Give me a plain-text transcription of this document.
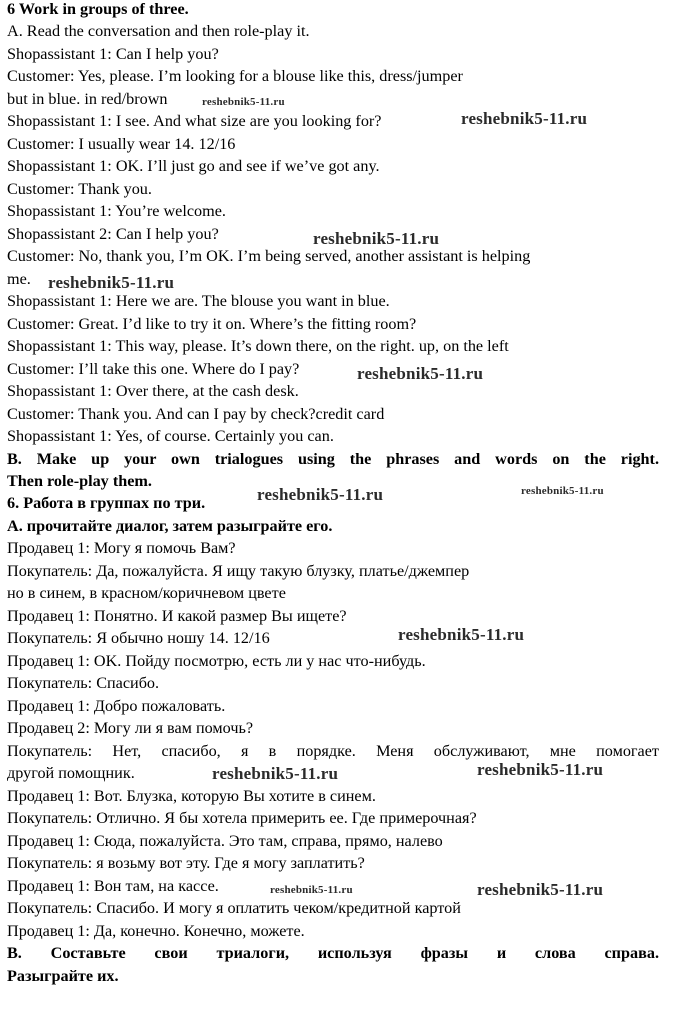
6 Work in groups of three.
A. Read the conversation and then role-play it.
Shopassistant 1: Can I help you?
Customer: Yes, please. I’m looking for a blouse like this, dress/jumper
but in blue. in red/brown
Shopassistant 1: I see. And what size are you looking for?
Customer: I usually wear 14. 12/16
Shopassistant 1: OK. I’ll just go and see if we’ve got any.
Customer: Thank you.
Shopassistant 1: You’re welcome.
Shopassistant 2: Can I help you?
Customer: No, thank you, I’m OK. I’m being served, another assistant is helping
me.
Shopassistant 1: Here we are. The blouse you want in blue.
Customer: Great. I’d like to try it on. Where’s the fitting room?
Shopassistant 1: This way, please. It’s down there, on the right. up, on the left
Customer: I’ll take this one. Where do I pay?
Shopassistant 1: Over there, at the cash desk.
Customer: Thank you. And can I pay by check?credit card
Shopassistant 1: Yes, of course. Certainly you can.
B. Make up your own trialogues using the phrases and words on the right.
Then role-play them.
6. Работа в группах по три.
А. прочитайте диалог, затем разыграйте его.
Продавец 1: Могу я помочь Вам?
Покупатель: Да, пожалуйста. Я ищу такую блузку, платье/джемпер
но в синем, в красном/коричневом цвете
Продавец 1: Понятно. И какой размер Вы ищете?
Покупатель: Я обычно ношу 14. 12/16
Продавец 1: OK. Пойду посмотрю, есть ли у нас что-нибудь.
Покупатель: Спасибо.
Продавец 1: Добро пожаловать.
Продавец 2: Могу ли я вам помочь?
Покупатель: Нет, спасибо, я в порядке. Меня обслуживают, мне помогает
другой помощник.
Продавец 1: Вот. Блузка, которую Вы хотите в синем.
Покупатель: Отлично. Я бы хотела примерить ее. Где примерочная?
Продавец 1: Сюда, пожалуйста. Это там, справа, прямо, налево
Покупатель: я возьму вот эту. Где я могу заплатить?
Продавец 1: Вон там, на кассе.
Покупатель: Спасибо. И могу я оплатить чеком/кредитной картой
Продавец 1: Да, конечно. Конечно, можете.
В. Составьте свои триалоги, используя фразы и слова справа.
Разыграйте их.
reshebnik5-11.ru
reshebnik5-11.ru
reshebnik5-11.ru
reshebnik5-11.ru
reshebnik5-11.ru
reshebnik5-11.ru	reshebnik5-11.ru
reshebnik5-11.ru
reshebnik5-11.ru	reshebnik5-11.ru
reshebnik5-11.ru	reshebnik5-11.ru
